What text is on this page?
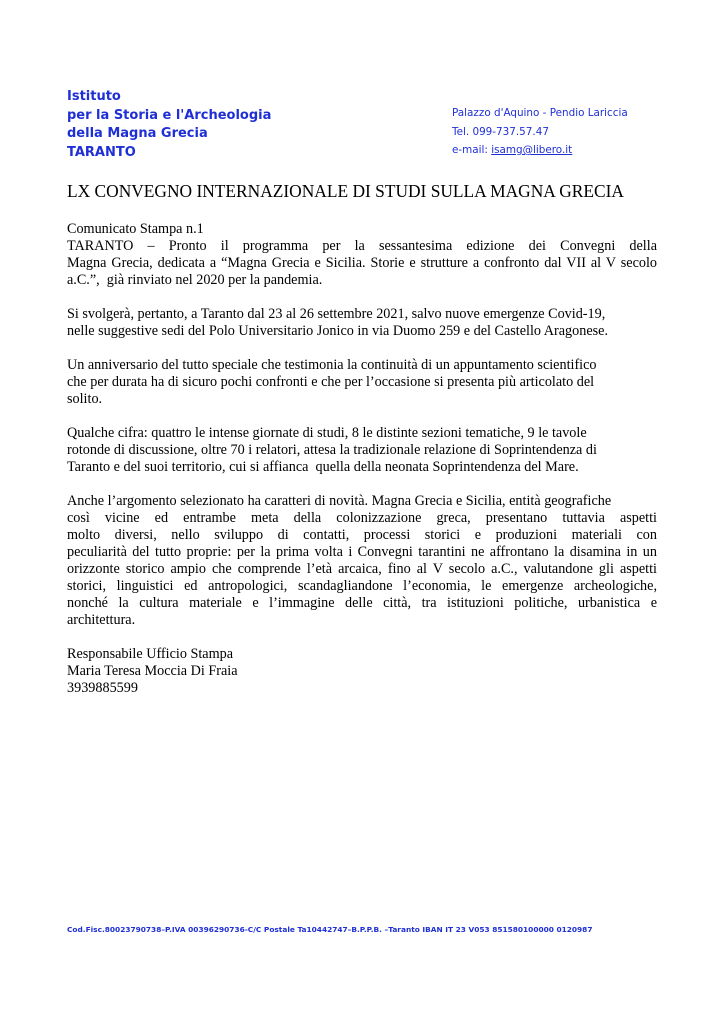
Istituto
per la Storia e l'Archeologia
della Magna Grecia
TARANTO
Palazzo d'Aquino - Pendio Lariccia
Tel. 099-737.57.47
e-mail: isamg@libero.it
LX CONVEGNO INTERNAZIONALE DI STUDI SULLA MAGNA GRECIA

Comunicato Stampa n.1
TARANTO – Pronto il programma per la sessantesima edizione dei Convegni della
Magna Grecia, dedicata a “Magna Grecia e Sicilia. Storie e strutture a confronto dal VII al V secolo
a.C.”,  già rinviato nel 2020 per la pandemia.

Si svolgerà, pertanto, a Taranto dal 23 al 26 settembre 2021, salvo nuove emergenze Covid-19,
nelle suggestive sedi del Polo Universitario Jonico in via Duomo 259 e del Castello Aragonese.

Un anniversario del tutto speciale che testimonia la continuità di un appuntamento scientifico
che per durata ha di sicuro pochi confronti e che per l’occasione si presenta più articolato del
solito.

Qualche cifra: quattro le intense giornate di studi, 8 le distinte sezioni tematiche, 9 le tavole
rotonde di discussione, oltre 70 i relatori, attesa la tradizionale relazione di Soprintendenza di
Taranto e del suoi territorio, cui si affianca  quella della neonata Soprintendenza del Mare.

Anche l’argomento selezionato ha caratteri di novità. Magna Grecia e Sicilia, entità geografiche
così vicine ed entrambe meta della colonizzazione greca, presentano tuttavia aspetti
molto diversi, nello sviluppo di contatti, processi storici e produzioni materiali con
peculiarità del tutto proprie: per la prima volta i Convegni tarantini ne affrontano la disamina in un
orizzonte storico ampio che comprende l’età arcaica, fino al V secolo a.C., valutandone gli aspetti
storici, linguistici ed antropologici, scandagliandone l’economia, le emergenze archeologiche,
nonché la cultura materiale e l’immagine delle città, tra istituzioni politiche, urbanistica e
architettura.

Responsabile Ufficio Stampa
Maria Teresa Moccia Di Fraia
3939885599

Cod.Fisc.80023790738–P.IVA 00396290736-C/C Postale Ta10442747–B.P.P.B. –Taranto IBAN IT 23 V053 851580100000 0120987
